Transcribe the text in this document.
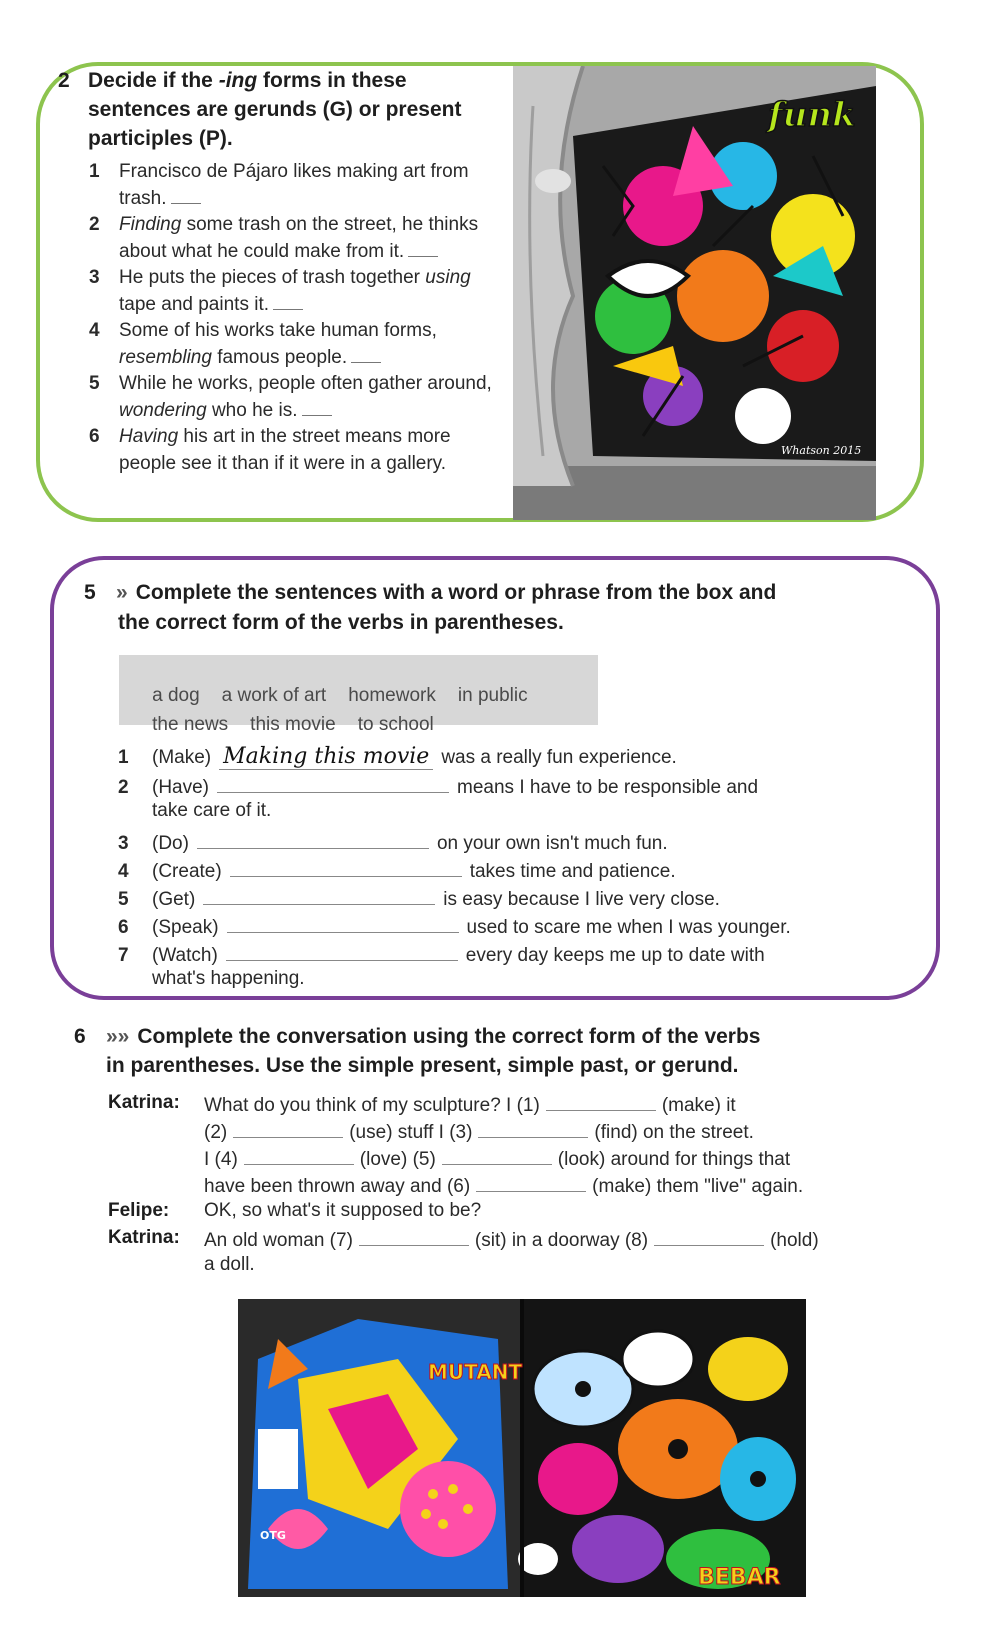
2 Decide if the -ing forms in these sentences are gerunds (G) or present participles (P).
1 Francisco de Pájaro likes making art from trash.
2 Finding some trash on the street, he thinks about what he could make from it.
3 He puts the pieces of trash together using tape and paints it.
4 Some of his works take human forms, resembling famous people.
5 While he works, people often gather around, wondering who he is.
6 Having his art in the street means more people see it than if it were in a gallery.
funk
Whatson 2015
5 » Complete the sentences with a word or phrase from the box and
the correct form of the verbs in parentheses.

a dog a work of art homework in public

the news this movie to school

1 (Make) Making this movie was a really fun experience.
2 (Have)	means I have to be responsible and
take care of it.
3 (Do)	on your own isn't much fun.
4 (Create)	takes time and patience.
5 (Get)	is easy because I live very close.
6 (Speak)	used to scare me when I was younger.
7 (Watch)	every day keeps me up to date with
what's happening.
6 »» Complete the conversation using the correct form of the verbs
in parentheses. Use the simple present, simple past, or gerund.
Katrina: What do you think of my sculpture? I (1)	(make) it
(2)	(use) stuff I (3)	(find) on the street.
I (4)	(love) (5)	(look) around for things that
have been thrown away and (6)	(make) them "live" again.
Felipe: OK, so what's it supposed to be?
Katrina: An old woman (7)	(sit) in a doorway (8)	(hold)
a doll.
MUTANT
BEBAR
OTG
